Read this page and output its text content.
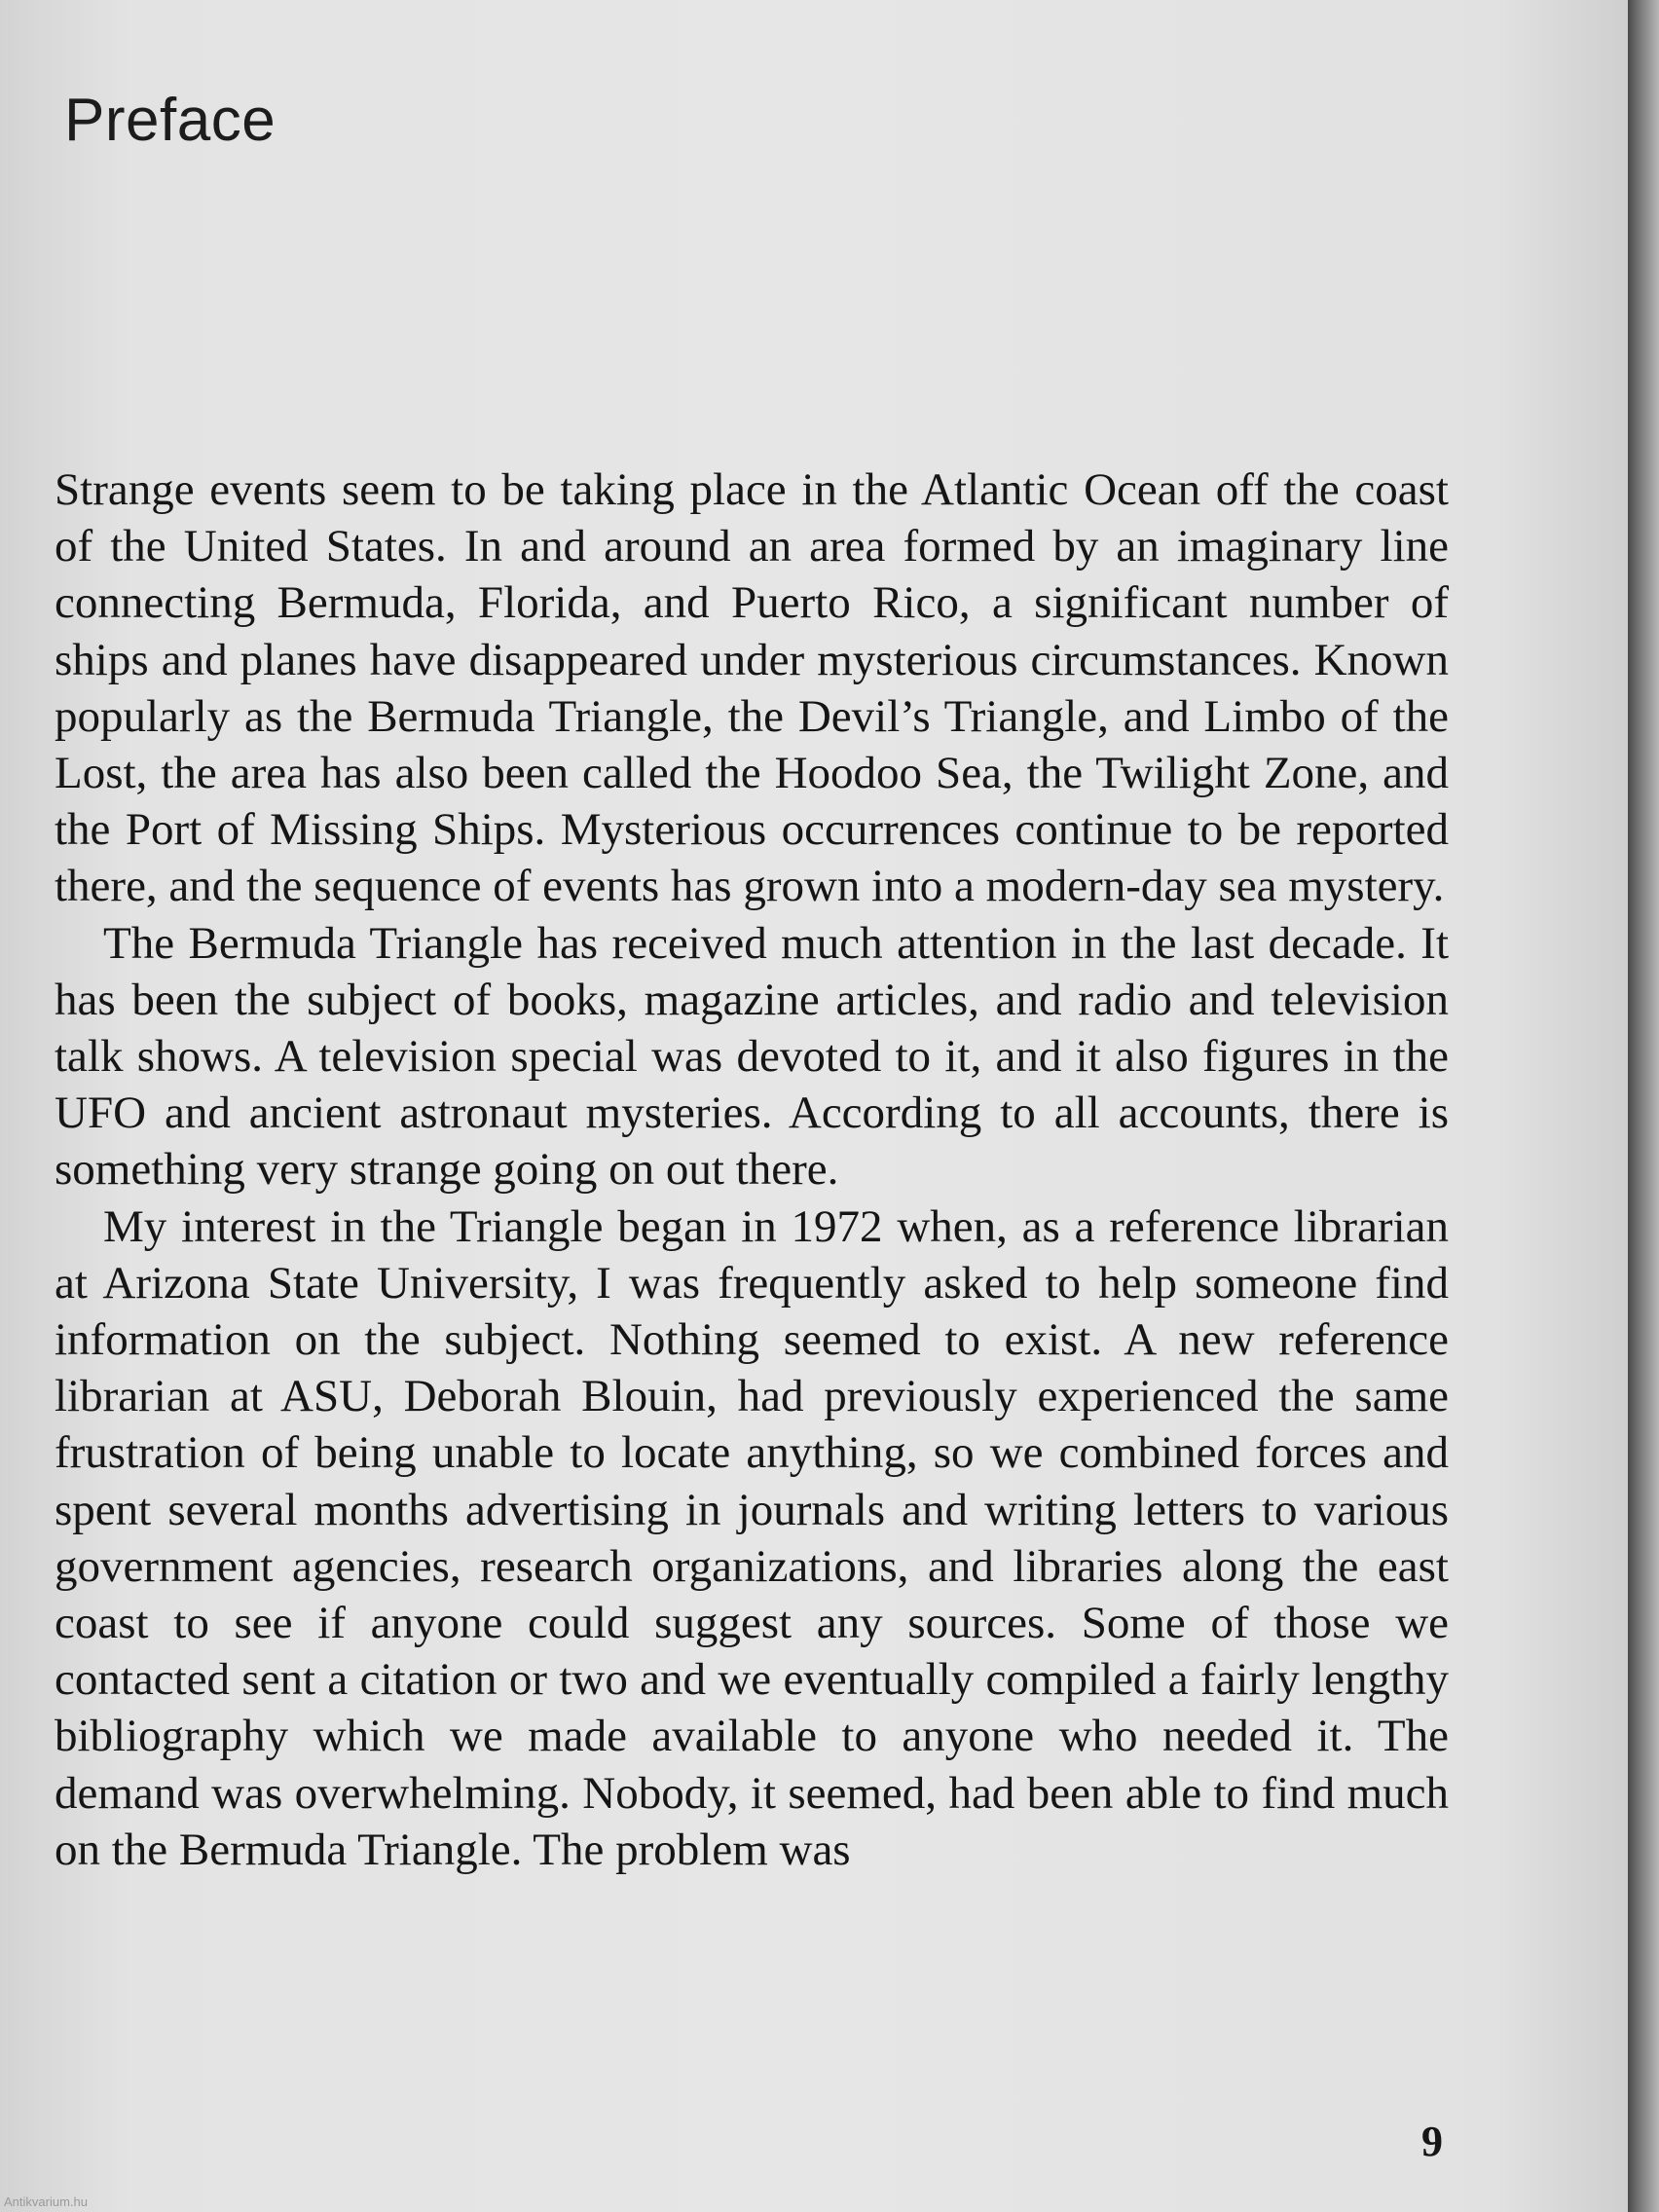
Preface

Strange events seem to be taking place in the Atlantic Ocean off the coast of the United States. In and around an area formed by an imaginary line connecting Bermuda, Florida, and Puerto Rico, a significant number of ships and planes have disappeared under mysterious circumstances. Known popularly as the Bermuda Triangle, the Devil’s Triangle, and Limbo of the Lost, the area has also been called the Hoodoo Sea, the Twilight Zone, and the Port of Missing Ships. Mysterious occurrences continue to be reported there, and the sequence of events has grown into a modern-day sea mystery.

The Bermuda Triangle has received much attention in the last decade. It has been the subject of books, magazine articles, and radio and television talk shows. A television special was devoted to it, and it also figures in the UFO and ancient astronaut mysteries. According to all accounts, there is something very strange going on out there.

My interest in the Triangle began in 1972 when, as a reference librarian at Arizona State University, I was frequently asked to help someone find information on the subject. Nothing seemed to exist. A new reference librarian at ASU, Deborah Blouin, had previously experienced the same frustration of being unable to locate anything, so we combined forces and spent several months advertising in journals and writing letters to various government agencies, research organizations, and libraries along the east coast to see if anyone could suggest any sources. Some of those we contacted sent a citation or two and we eventually compiled a fairly lengthy bibliography which we made available to anyone who needed it. The demand was overwhelming. Nobody, it seemed, had been able to find much on the Bermuda Triangle. The problem was

9
Antikvarium.hu
